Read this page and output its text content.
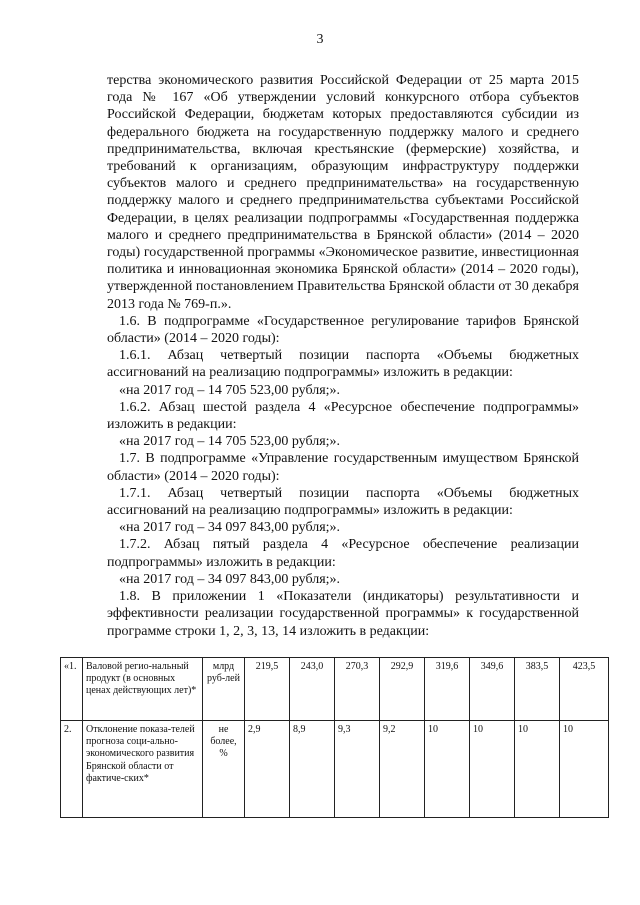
3

терства экономического развития Российской Федерации от 25 марта 2015 года № 167 «Об утверждении условий конкурсного отбора субъектов Российской Федерации, бюджетам которых предоставляются субсидии из федерального бюджета на государственную поддержку малого и среднего предпринимательства, включая крестьянские (фермерские) хозяйства, и требований к организациям, образующим инфраструктуру поддержки субъектов малого и среднего предпринимательства» на государственную поддержку малого и среднего предпринимательства субъектами Российской Федерации, в целях реализации подпрограммы «Государственная поддержка малого и среднего предпринимательства в Брянской области» (2014 – 2020 годы) государственной программы «Экономическое развитие, инвестиционная политика и инновационная экономика Брянской области» (2014 – 2020 годы), утвержденной постановлением Правительства Брянской области от 30 декабря 2013 года № 769-п.».

1.6. В подпрограмме «Государственное регулирование тарифов Брянской области» (2014 – 2020 годы):

1.6.1. Абзац четвертый позиции паспорта «Объемы бюджетных ассигнований на реализацию подпрограммы» изложить в редакции:

«на 2017 год – 14 705 523,00 рубля;».

1.6.2. Абзац шестой раздела 4 «Ресурсное обеспечение подпрограммы» изложить в редакции:

«на 2017 год – 14 705 523,00 рубля;».

1.7. В подпрограмме «Управление государственным имуществом Брянской области» (2014 – 2020 годы):

1.7.1. Абзац четвертый позиции паспорта «Объемы бюджетных ассигнований на реализацию подпрограммы» изложить в редакции:

«на 2017 год – 34 097 843,00 рубля;».

1.7.2. Абзац пятый раздела 4 «Ресурсное обеспечение реализации подпрограммы» изложить в редакции:

«на 2017 год – 34 097 843,00 рубля;».

1.8. В приложении 1 «Показатели (индикаторы) результативности и эффективности реализации государственной программы» к государственной программе строки 1, 2, 3, 13, 14 изложить в редакции:

«1.	Валовой регио-нальный продукт (в основных ценах действующих лет)*	млрд руб-лей	219,5	243,0	270,3	292,9	319,6	349,6	383,5	423,5
2.	Отклонение показа-телей прогноза соци-ально-экономического развития Брянской области от фактиче-ских*	не более, %	2,9	8,9	9,3	9,2	10	10	10	10
